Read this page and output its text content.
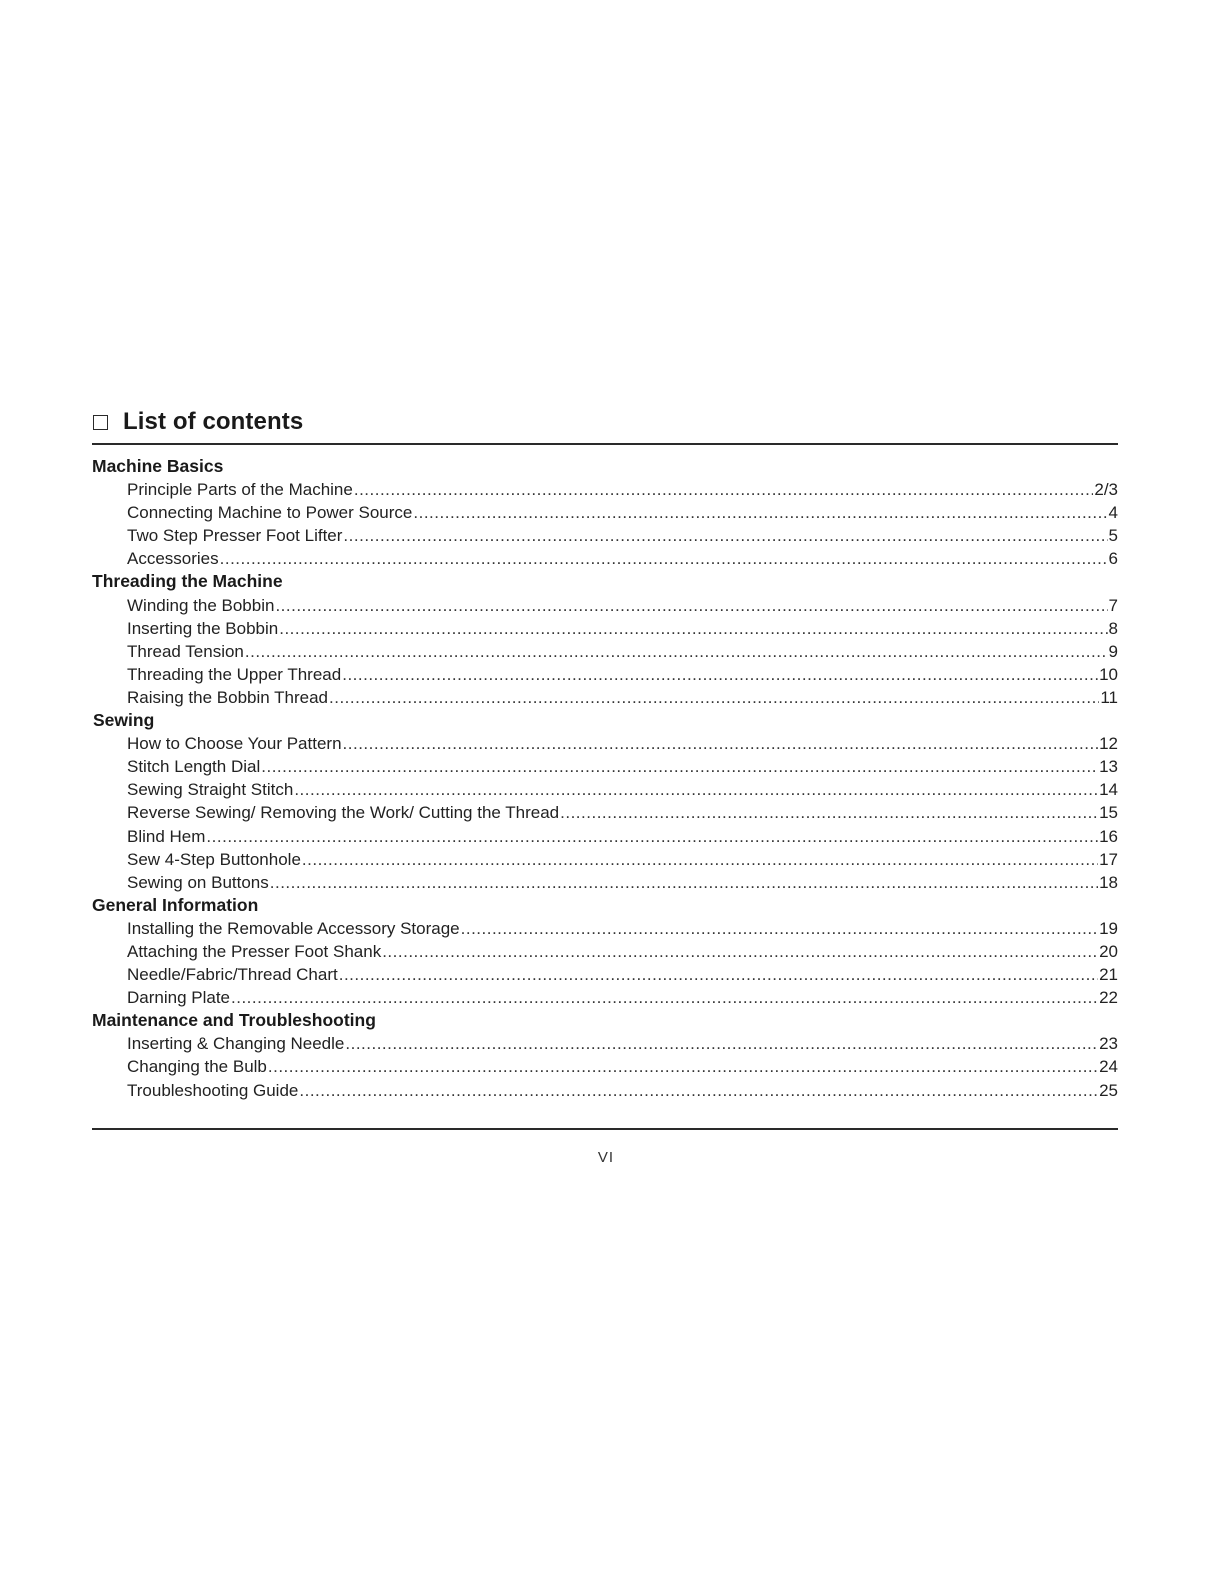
List of contents
Machine Basics
Principle Parts of the Machine .....	2/3
Connecting Machine to Power Source .....	4
Two Step Presser Foot Lifter .....	5
Accessories .....	6
Threading the Machine
Winding the Bobbin .....	7
Inserting the Bobbin .....	8
Thread Tension .....	9
Threading the Upper Thread .....	10
Raising the Bobbin Thread .....	11
Sewing
How to Choose Your Pattern .....	12
Stitch Length Dial .....	13
Sewing Straight Stitch .....	14
Reverse Sewing/ Removing the Work/ Cutting the Thread .....	15
Blind Hem .....	16
Sew 4-Step Buttonhole .....	17
Sewing on Buttons .....	18
General Information
Installing the Removable Accessory Storage .....	19
Attaching the Presser Foot Shank .....	20
Needle/Fabric/Thread Chart .....	21
Darning Plate .....	22
Maintenance and Troubleshooting
Inserting & Changing Needle .....	23
Changing the Bulb .....	24
Troubleshooting Guide .....	25
VI
